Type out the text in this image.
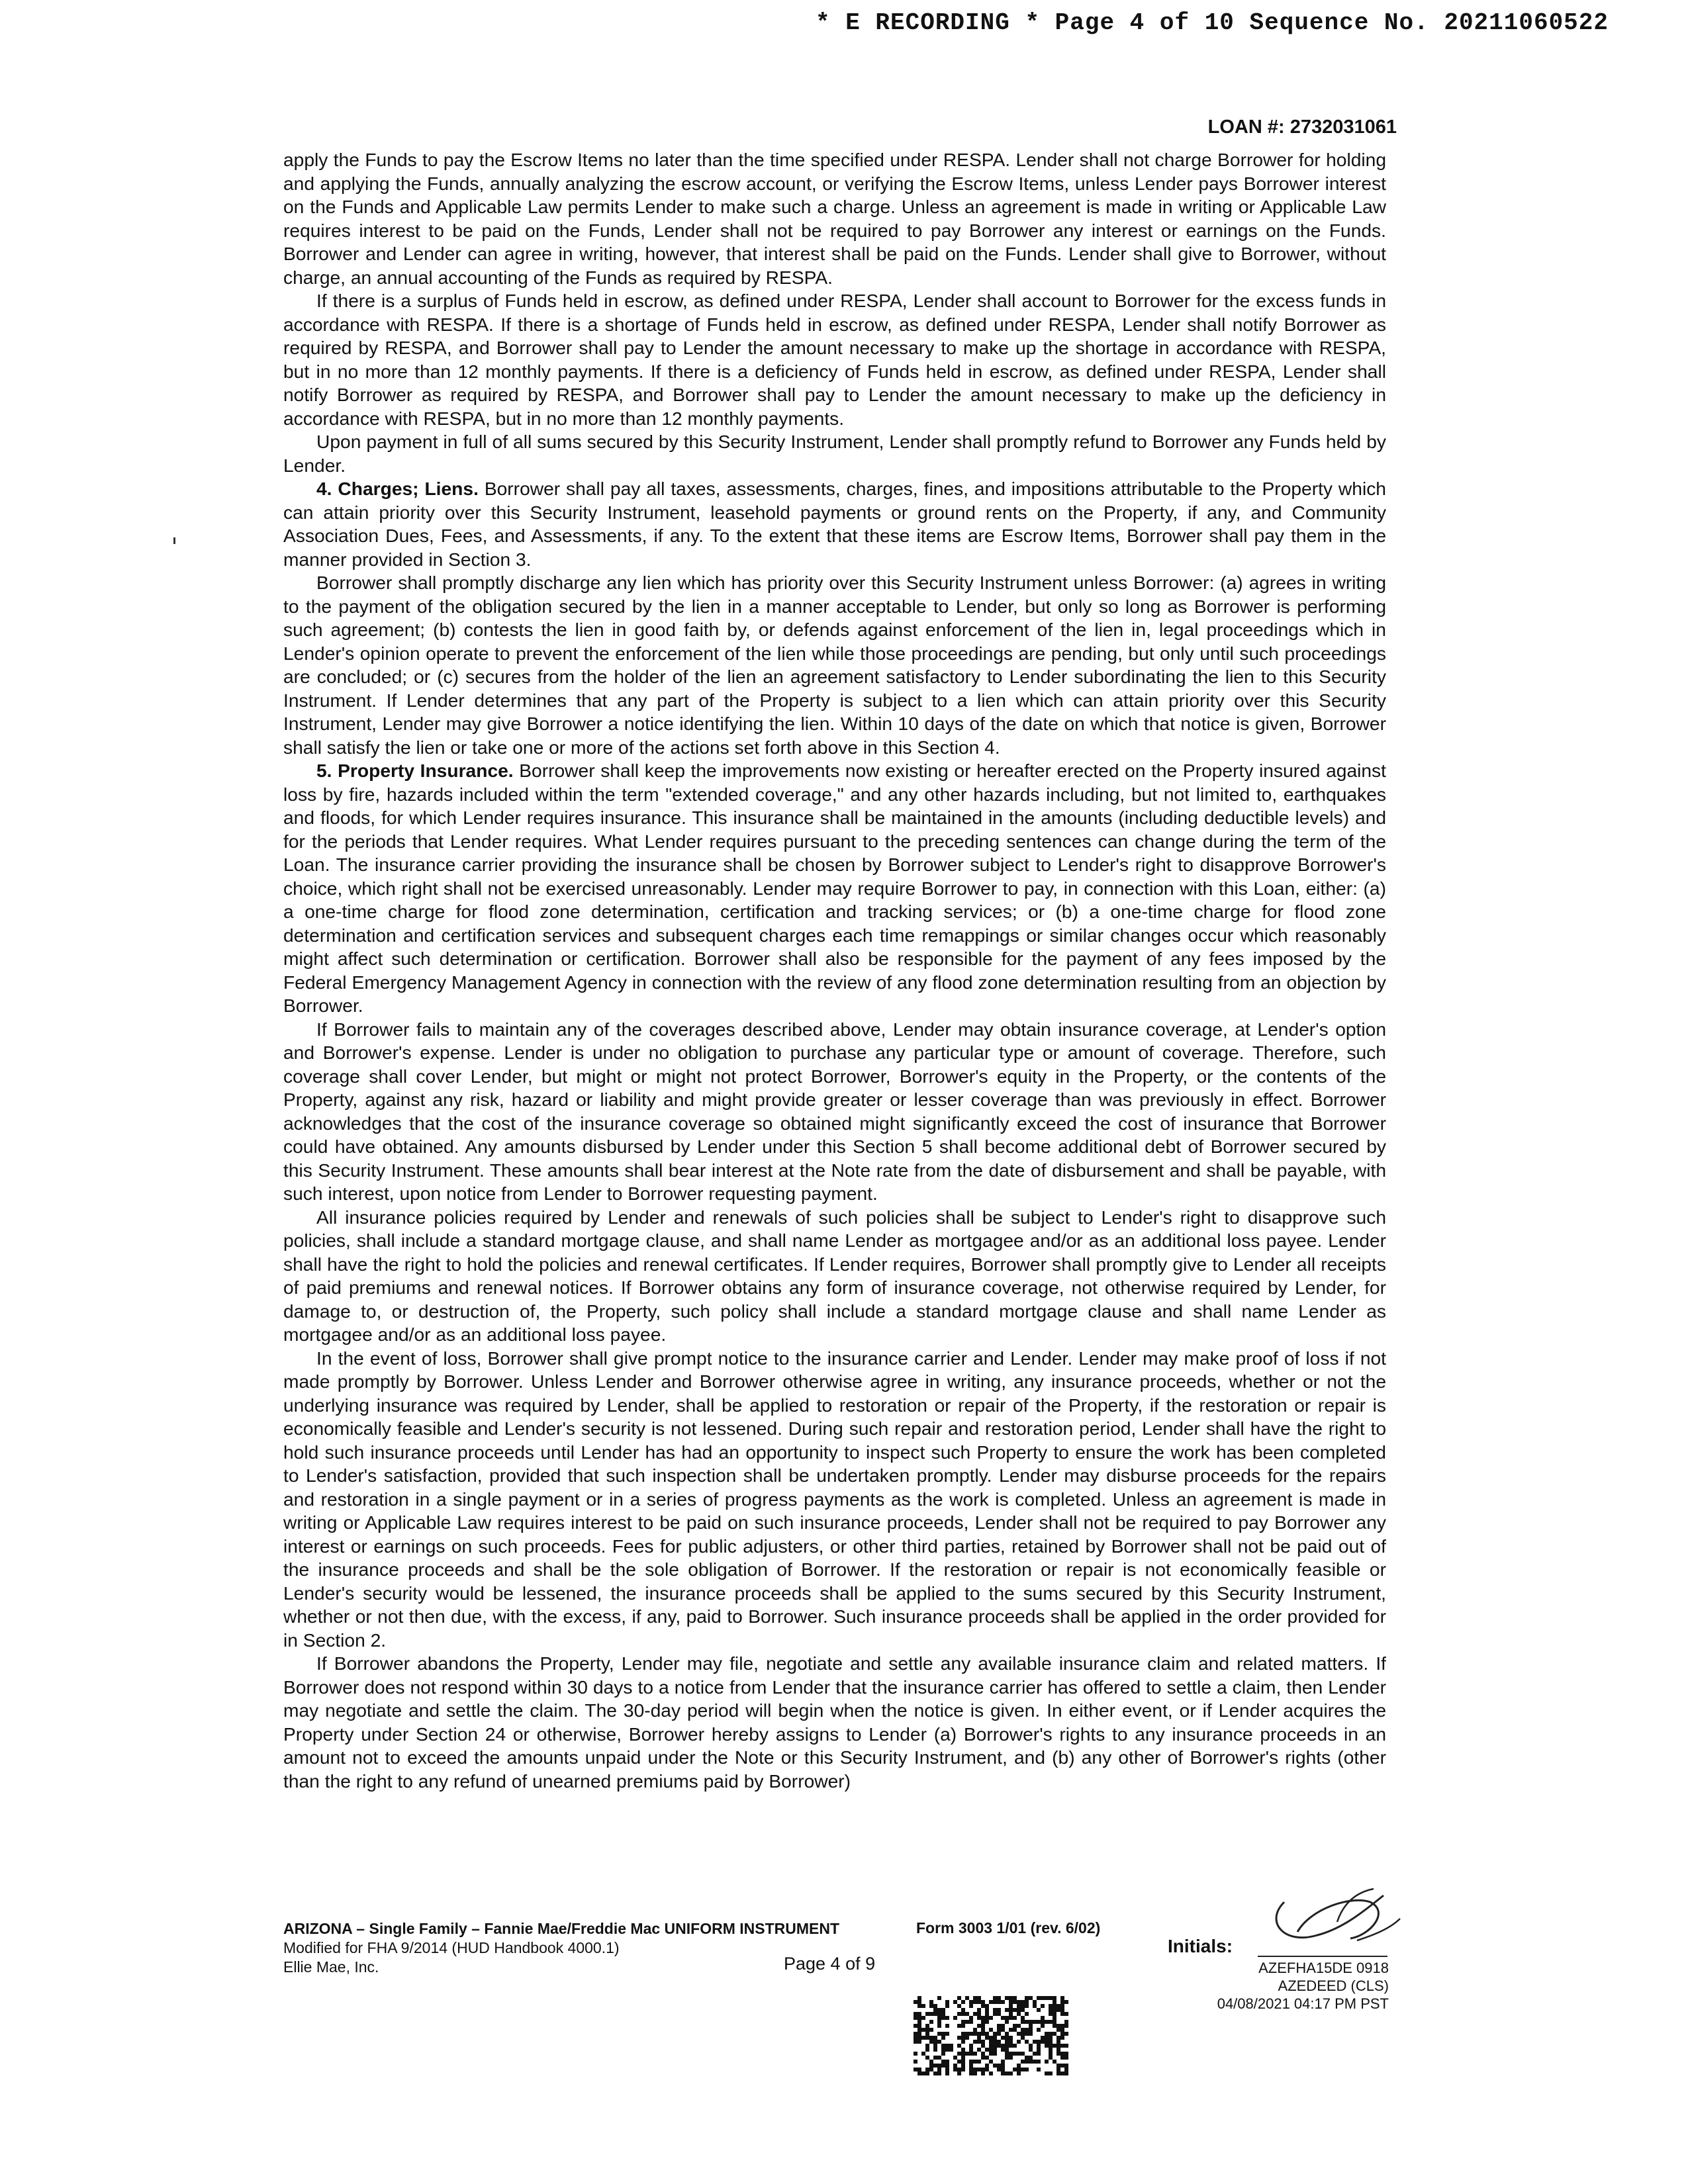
* E RECORDING * Page 4 of 10 Sequence No. 20211060522
LOAN #: 2732031061

apply the Funds to pay the Escrow Items no later than the time specified under RESPA. Lender shall not charge Borrower for holding and applying the Funds, annually analyzing the escrow account, or verifying the Escrow Items, unless Lender pays Borrower interest on the Funds and Applicable Law permits Lender to make such a charge. Unless an agreement is made in writing or Applicable Law requires interest to be paid on the Funds, Lender shall not be required to pay Borrower any interest or earnings on the Funds. Borrower and Lender can agree in writing, however, that interest shall be paid on the Funds. Lender shall give to Borrower, without charge, an annual accounting of the Funds as required by RESPA.

If there is a surplus of Funds held in escrow, as defined under RESPA, Lender shall account to Borrower for the excess funds in accordance with RESPA. If there is a shortage of Funds held in escrow, as defined under RESPA, Lender shall notify Borrower as required by RESPA, and Borrower shall pay to Lender the amount necessary to make up the shortage in accordance with RESPA, but in no more than 12 monthly payments. If there is a deficiency of Funds held in escrow, as defined under RESPA, Lender shall notify Borrower as required by RESPA, and Borrower shall pay to Lender the amount necessary to make up the deficiency in accordance with RESPA, but in no more than 12 monthly payments.

Upon payment in full of all sums secured by this Security Instrument, Lender shall promptly refund to Borrower any Funds held by Lender.

4. Charges; Liens. Borrower shall pay all taxes, assessments, charges, fines, and impositions attributable to the Property which can attain priority over this Security Instrument, leasehold payments or ground rents on the Property, if any, and Community Association Dues, Fees, and Assessments, if any. To the extent that these items are Escrow Items, Borrower shall pay them in the manner provided in Section 3.

Borrower shall promptly discharge any lien which has priority over this Security Instrument unless Borrower: (a) agrees in writing to the payment of the obligation secured by the lien in a manner acceptable to Lender, but only so long as Borrower is performing such agreement; (b) contests the lien in good faith by, or defends against enforcement of the lien in, legal proceedings which in Lender's opinion operate to prevent the enforcement of the lien while those proceedings are pending, but only until such proceedings are concluded; or (c) secures from the holder of the lien an agreement satisfactory to Lender subordinating the lien to this Security Instrument. If Lender determines that any part of the Property is subject to a lien which can attain priority over this Security Instrument, Lender may give Borrower a notice identifying the lien. Within 10 days of the date on which that notice is given, Borrower shall satisfy the lien or take one or more of the actions set forth above in this Section 4.

5. Property Insurance. Borrower shall keep the improvements now existing or hereafter erected on the Property insured against loss by fire, hazards included within the term "extended coverage," and any other hazards including, but not limited to, earthquakes and floods, for which Lender requires insurance. This insurance shall be maintained in the amounts (including deductible levels) and for the periods that Lender requires. What Lender requires pursuant to the preceding sentences can change during the term of the Loan. The insurance carrier providing the insurance shall be chosen by Borrower subject to Lender's right to disapprove Borrower's choice, which right shall not be exercised unreasonably. Lender may require Borrower to pay, in connection with this Loan, either: (a) a one-time charge for flood zone determination, certification and tracking services; or (b) a one-time charge for flood zone determination and certification services and subsequent charges each time remappings or similar changes occur which reasonably might affect such determination or certification. Borrower shall also be responsible for the payment of any fees imposed by the Federal Emergency Management Agency in connection with the review of any flood zone determination resulting from an objection by Borrower.

If Borrower fails to maintain any of the coverages described above, Lender may obtain insurance coverage, at Lender's option and Borrower's expense. Lender is under no obligation to purchase any particular type or amount of coverage. Therefore, such coverage shall cover Lender, but might or might not protect Borrower, Borrower's equity in the Property, or the contents of the Property, against any risk, hazard or liability and might provide greater or lesser coverage than was previously in effect. Borrower acknowledges that the cost of the insurance coverage so obtained might significantly exceed the cost of insurance that Borrower could have obtained. Any amounts disbursed by Lender under this Section 5 shall become additional debt of Borrower secured by this Security Instrument. These amounts shall bear interest at the Note rate from the date of disbursement and shall be payable, with such interest, upon notice from Lender to Borrower requesting payment.

All insurance policies required by Lender and renewals of such policies shall be subject to Lender's right to disapprove such policies, shall include a standard mortgage clause, and shall name Lender as mortgagee and/or as an additional loss payee. Lender shall have the right to hold the policies and renewal certificates. If Lender requires, Borrower shall promptly give to Lender all receipts of paid premiums and renewal notices. If Borrower obtains any form of insurance coverage, not otherwise required by Lender, for damage to, or destruction of, the Property, such policy shall include a standard mortgage clause and shall name Lender as mortgagee and/or as an additional loss payee.

In the event of loss, Borrower shall give prompt notice to the insurance carrier and Lender. Lender may make proof of loss if not made promptly by Borrower. Unless Lender and Borrower otherwise agree in writing, any insurance proceeds, whether or not the underlying insurance was required by Lender, shall be applied to restoration or repair of the Property, if the restoration or repair is economically feasible and Lender's security is not lessened. During such repair and restoration period, Lender shall have the right to hold such insurance proceeds until Lender has had an opportunity to inspect such Property to ensure the work has been completed to Lender's satisfaction, provided that such inspection shall be undertaken promptly. Lender may disburse proceeds for the repairs and restoration in a single payment or in a series of progress payments as the work is completed. Unless an agreement is made in writing or Applicable Law requires interest to be paid on such insurance proceeds, Lender shall not be required to pay Borrower any interest or earnings on such proceeds. Fees for public adjusters, or other third parties, retained by Borrower shall not be paid out of the insurance proceeds and shall be the sole obligation of Borrower. If the restoration or repair is not economically feasible or Lender's security would be lessened, the insurance proceeds shall be applied to the sums secured by this Security Instrument, whether or not then due, with the excess, if any, paid to Borrower. Such insurance proceeds shall be applied in the order provided for in Section 2.

If Borrower abandons the Property, Lender may file, negotiate and settle any available insurance claim and related matters. If Borrower does not respond within 30 days to a notice from Lender that the insurance carrier has offered to settle a claim, then Lender may negotiate and settle the claim. The 30-day period will begin when the notice is given. In either event, or if Lender acquires the Property under Section 24 or otherwise, Borrower hereby assigns to Lender (a) Borrower's rights to any insurance proceeds in an amount not to exceed the amounts unpaid under the Note or this Security Instrument, and (b) any other of Borrower's rights (other than the right to any refund of unearned premiums paid by Borrower)

ARIZONA – Single Family – Fannie Mae/Freddie Mac UNIFORM INSTRUMENT
Modified for FHA 9/2014 (HUD Handbook 4000.1)
Ellie Mae, Inc.
Form 3003 1/01 (rev. 6/02)
Page 4 of 9
Initials:
AZEFHA15DE 0918
AZEDEED (CLS)
04/08/2021 04:17 PM PST
